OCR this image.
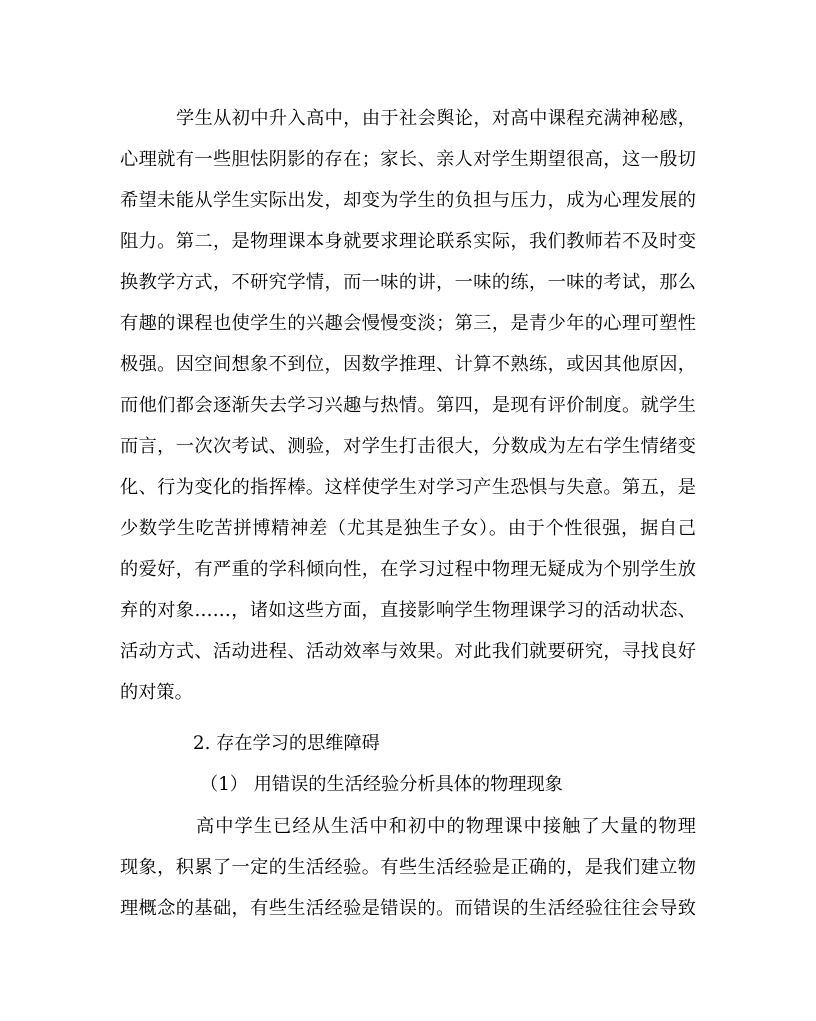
学生从初中升入高中，由于社会舆论，对高中课程充满神秘感，
心理就有一些胆怯阴影的存在；家长、亲人对学生期望很高，这一殷切
希望未能从学生实际出发，却变为学生的负担与压力，成为心理发展的
阻力。第二，是物理课本身就要求理论联系实际，我们教师若不及时变
换教学方式，不研究学情，而一味的讲，一味的练，一味的考试，那么
有趣的课程也使学生的兴趣会慢慢变淡；第三，是青少年的心理可塑性
极强。因空间想象不到位，因数学推理、计算不熟练，或因其他原因，
而他们都会逐渐失去学习兴趣与热情。第四，是现有评价制度。就学生
而言，一次次考试、测验，对学生打击很大，分数成为左右学生情绪变
化、行为变化的指挥棒。这样使学生对学习产生恐惧与失意。第五，是
少数学生吃苦拼博精神差（尤其是独生子女）。由于个性很强，据自己
的爱好，有严重的学科倾向性，在学习过程中物理无疑成为个别学生放
弃的对象……，诸如这些方面，直接影响学生物理课学习的活动状态、
活动方式、活动进程、活动效率与效果。对此我们就要研究，寻找良好
的对策。
2. 存在学习的思维障碍
（1） 用错误的生活经验分析具体的物理现象
高中学生已经从生活中和初中的物理课中接触了大量的物理
现象，积累了一定的生活经验。有些生活经验是正确的，是我们建立物
理概念的基础，有些生活经验是错误的。而错误的生活经验往往会导致
